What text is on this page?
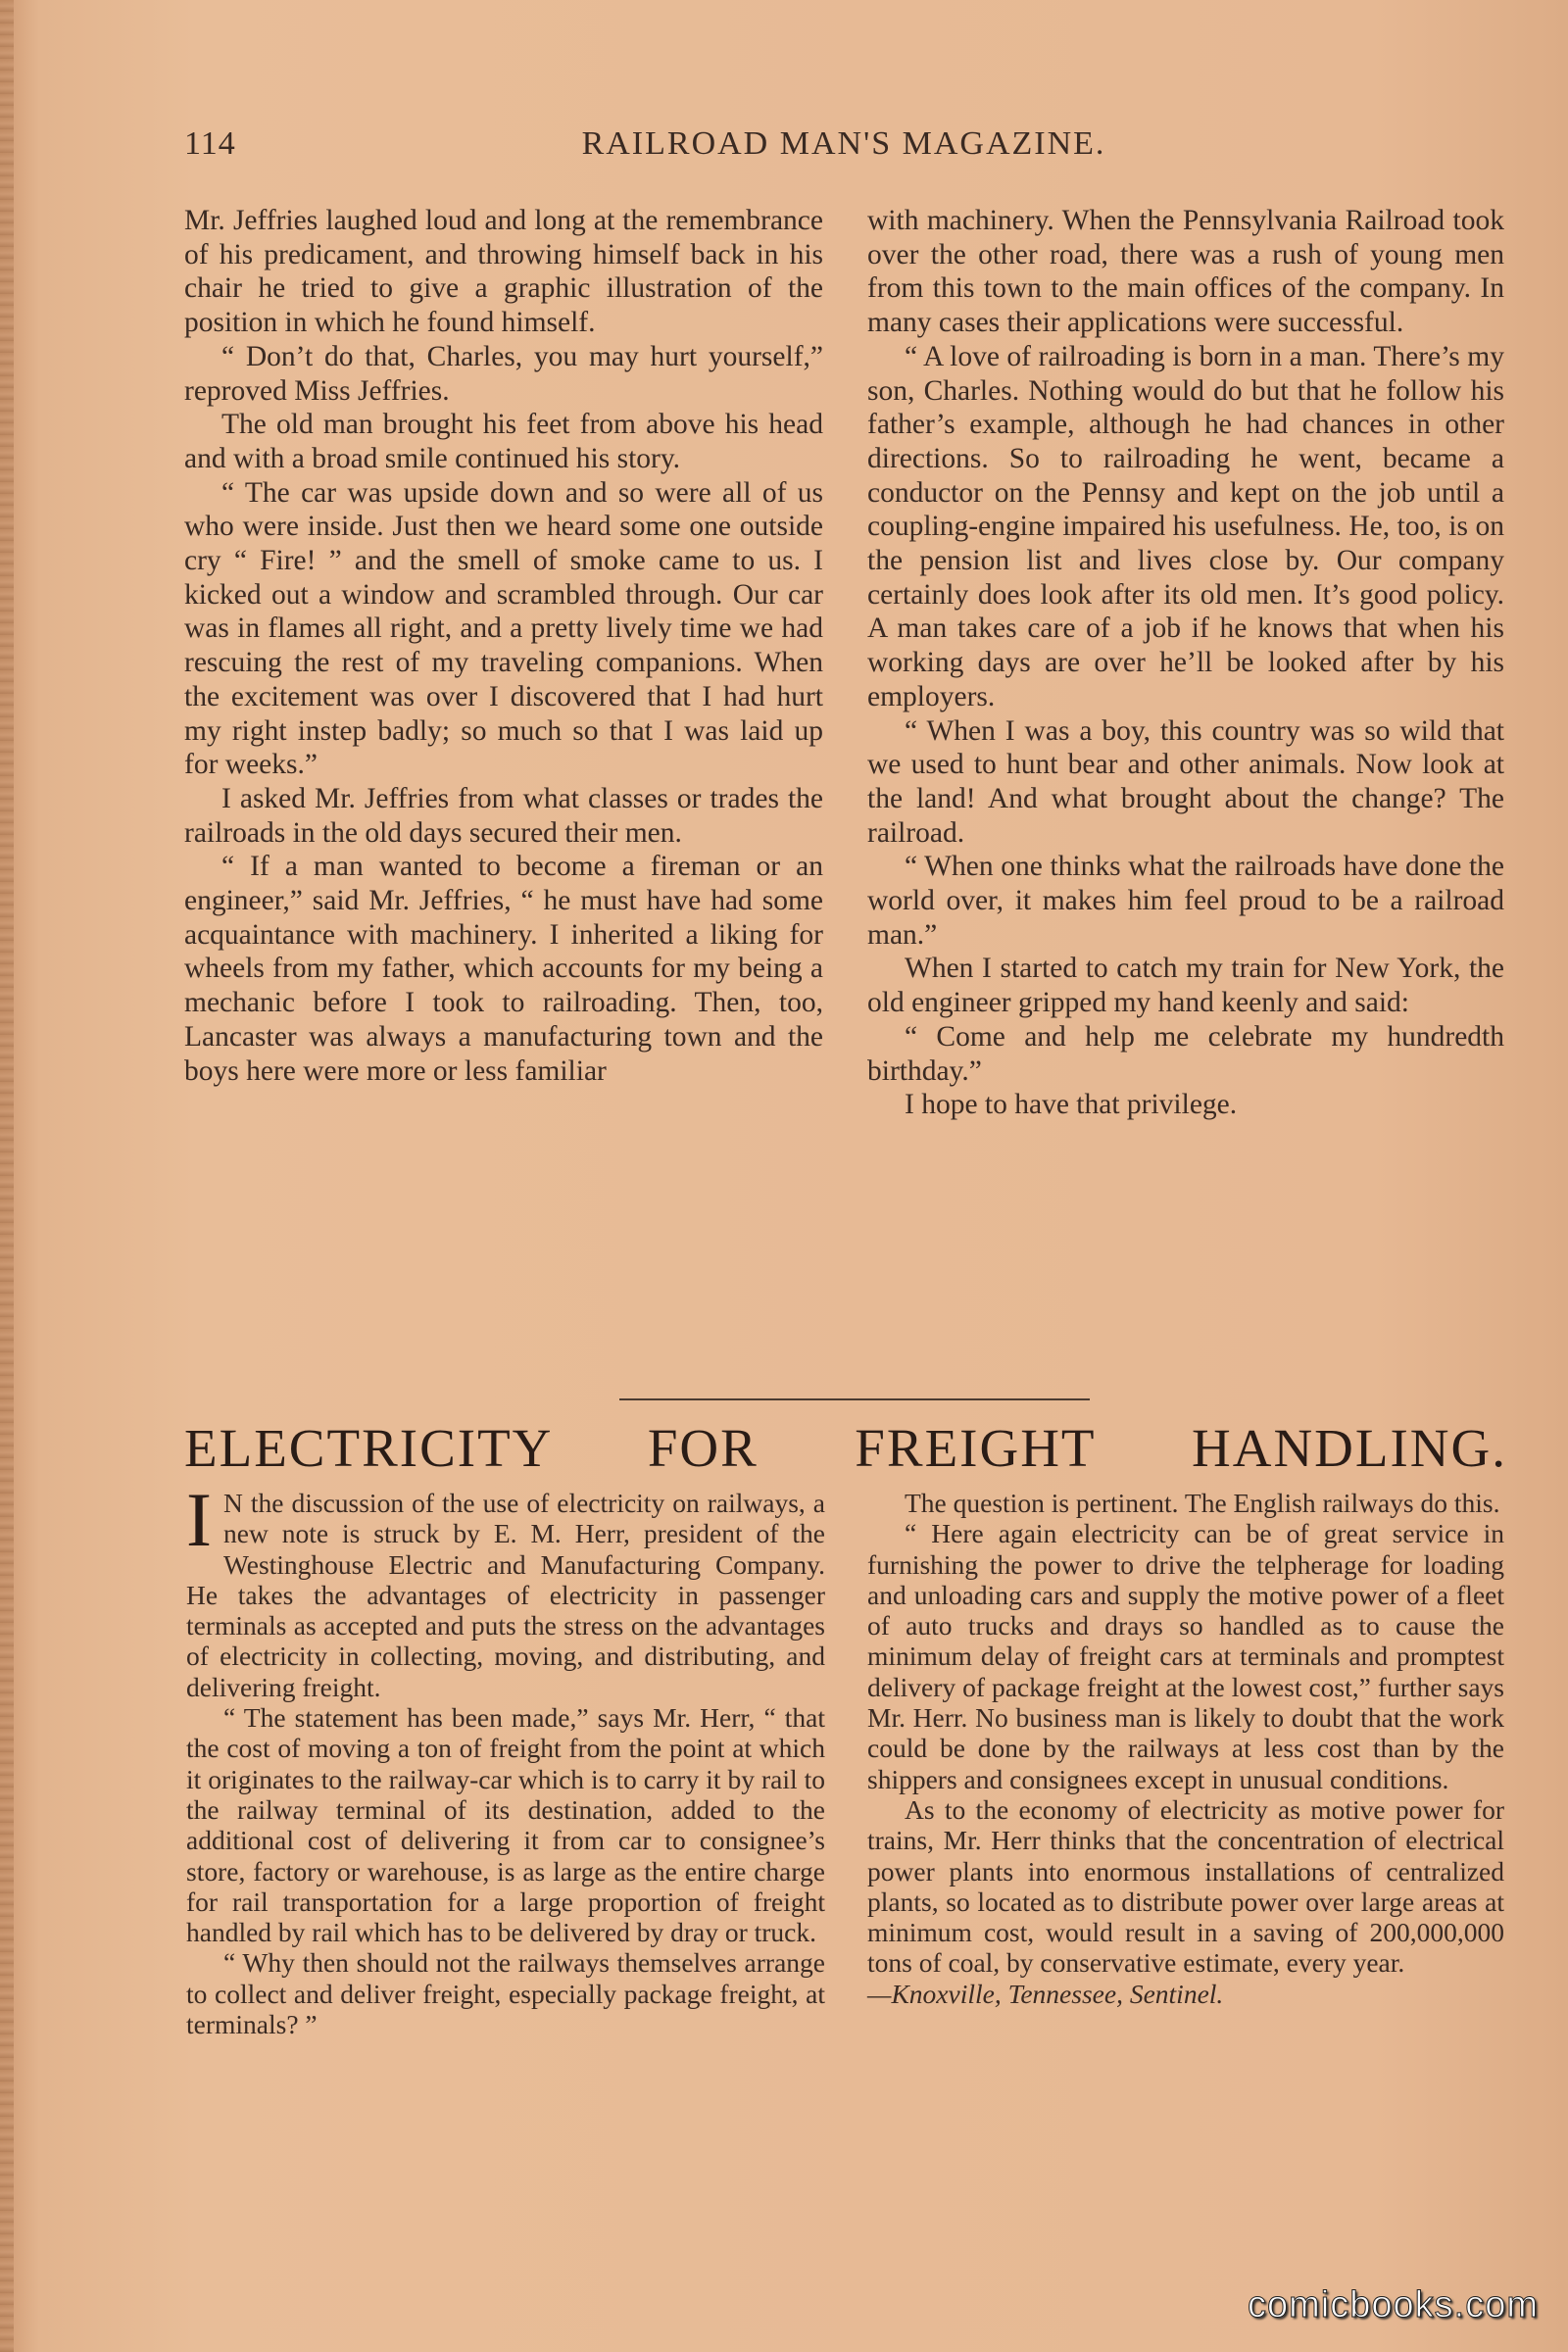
114	RAILROAD MAN'S MAGAZINE.

Mr. Jeffries laughed loud and long at the remembrance of his predicament, and throwing himself back in his chair he tried to give a graphic illustration of the position in which he found himself.

“ Don’t do that, Charles, you may hurt yourself,” reproved Miss Jeffries.

The old man brought his feet from above his head and with a broad smile continued his story.

“ The car was upside down and so were all of us who were inside. Just then we heard some one outside cry “ Fire! ” and the smell of smoke came to us. I kicked out a window and scrambled through. Our car was in flames all right, and a pretty lively time we had rescuing the rest of my traveling companions. When the excitement was over I discovered that I had hurt my right instep badly; so much so that I was laid up for weeks.”

I asked Mr. Jeffries from what classes or trades the railroads in the old days secured their men.

“ If a man wanted to become a fireman or an engineer,” said Mr. Jeffries, “ he must have had some acquaintance with machinery. I inherited a liking for wheels from my father, which accounts for my being a mechanic before I took to railroading. Then, too, Lancaster was always a manufacturing town and the boys here were more or less familiar

with machinery. When the Pennsylvania Railroad took over the other road, there was a rush of young men from this town to the main offices of the company. In many cases their applications were successful.

“ A love of railroading is born in a man. There’s my son, Charles. Nothing would do but that he follow his father’s example, although he had chances in other directions. So to railroading he went, became a conductor on the Pennsy and kept on the job until a coupling-engine impaired his usefulness. He, too, is on the pension list and lives close by. Our company certainly does look after its old men. It’s good policy. A man takes care of a job if he knows that when his working days are over he’ll be looked after by his employers.

“ When I was a boy, this country was so wild that we used to hunt bear and other animals. Now look at the land! And what brought about the change? The railroad.

“ When one thinks what the railroads have done the world over, it makes him feel proud to be a railroad man.”

When I started to catch my train for New York, the old engineer gripped my hand keenly and said:

“ Come and help me celebrate my hundredth birthday.”

I hope to have that privilege.

ELECTRICITY FOR FREIGHT HANDLING.

I N the discussion of the use of electricity on railways, a new note is struck by E. M. Herr, president of the Westinghouse Electric and Manufacturing Company. He takes the advantages of electricity in passenger terminals as accepted and puts the stress on the advantages of electricity in collecting, moving, and distributing, and delivering freight.

“ The statement has been made,” says Mr. Herr, “ that the cost of moving a ton of freight from the point at which it originates to the railway-car which is to carry it by rail to the railway terminal of its destination, added to the additional cost of delivering it from car to consignee’s store, factory or warehouse, is as large as the entire charge for rail transportation for a large proportion of freight handled by rail which has to be delivered by dray or truck.

“ Why then should not the railways themselves arrange to collect and deliver freight, especially package freight, at terminals? ”

The question is pertinent. The English railways do this.

“ Here again electricity can be of great service in furnishing the power to drive the telpherage for loading and unloading cars and supply the motive power of a fleet of auto trucks and drays so handled as to cause the minimum delay of freight cars at terminals and promptest delivery of package freight at the lowest cost,” further says Mr. Herr. No business man is likely to doubt that the work could be done by the railways at less cost than by the shippers and consignees except in unusual conditions.

As to the economy of electricity as motive power for trains, Mr. Herr thinks that the concentration of electrical power plants into enormous installations of centralized plants, so located as to distribute power over large areas at minimum cost, would result in a saving of 200,000,000 tons of coal, by conservative estimate, every year.

—Knoxville, Tennessee, Sentinel.

comicbooks.com
